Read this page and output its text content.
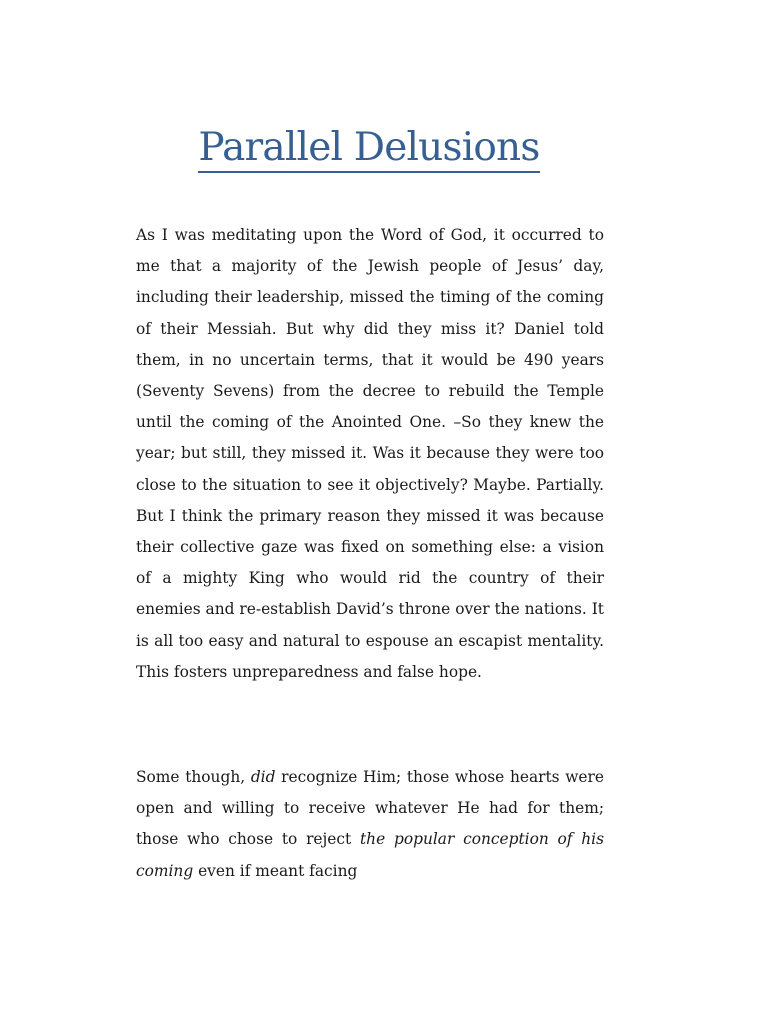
Parallel Delusions

As I was meditating upon the Word of God, it occurred to me that a majority of the Jewish people of Jesus’ day, including their leadership, missed the timing of the coming of their Messiah. But why did they miss it? Daniel told them, in no uncertain terms, that it would be 490 years (Seventy Sevens) from the decree to rebuild the Temple until the coming of the Anointed One. –So they knew the year; but still, they missed it. Was it because they were too close to the situation to see it objectively? Maybe. Partially. But I think the primary reason they missed it was because their collective gaze was fixed on something else: a vision of a mighty King who would rid the country of their enemies and re-establish David’s throne over the nations. It is all too easy and natural to espouse an escapist mentality. This fosters unpreparedness and false hope.

Some though, did recognize Him; those whose hearts were open and willing to receive whatever He had for them; those who chose to reject the popular conception of his coming even if meant facing
